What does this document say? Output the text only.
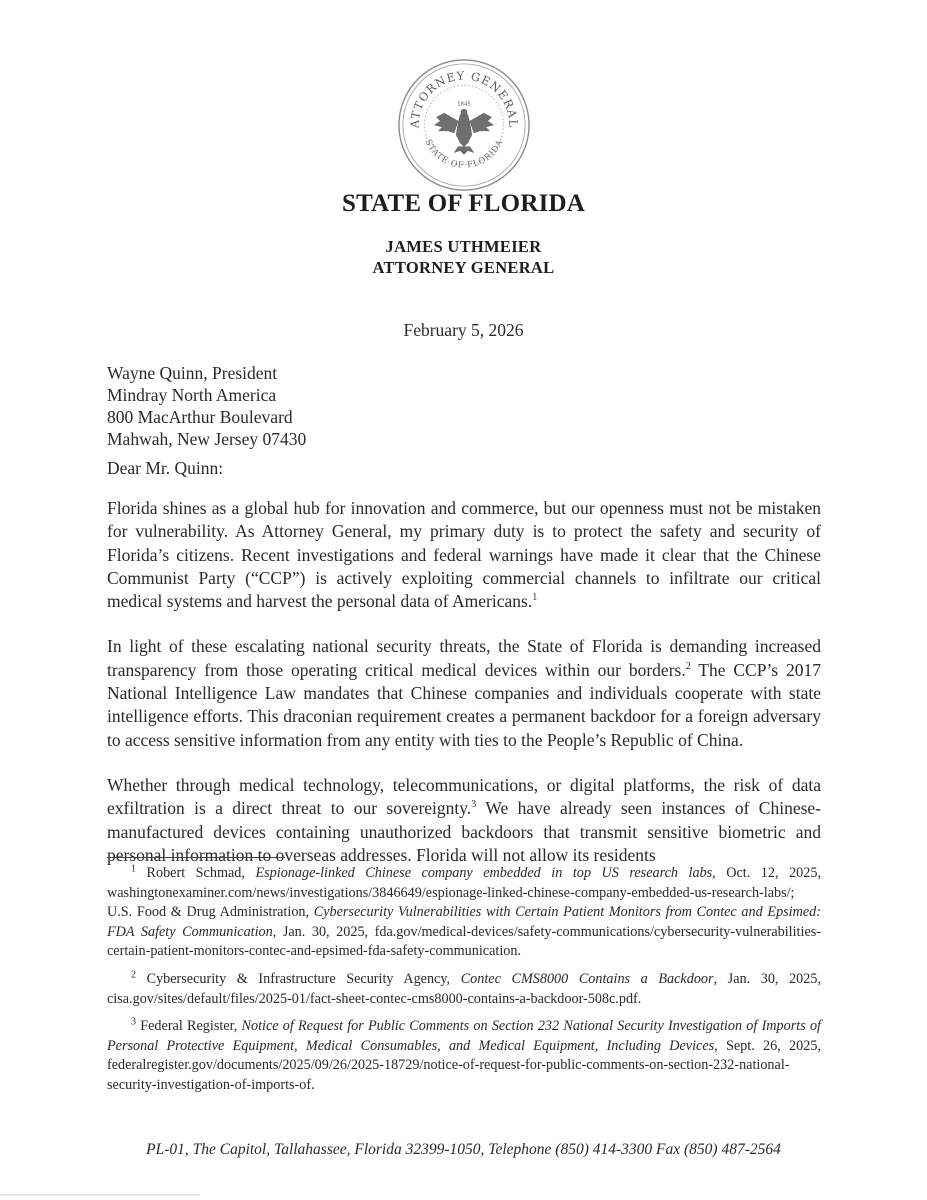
ATTORNEY GENERAL
STATE OF FLORIDA
1845
STATE OF FLORIDA
JAMES UTHMEIER
ATTORNEY GENERAL
February 5, 2026
Wayne Quinn, President
Mindray North America
800 MacArthur Boulevard
Mahwah, New Jersey 07430
Dear Mr. Quinn:

Florida shines as a global hub for innovation and commerce, but our openness must not be mistaken for vulnerability. As Attorney General, my primary duty is to protect the safety and security of Florida’s citizens. Recent investigations and federal warnings have made it clear that the Chinese Communist Party (“CCP”) is actively exploiting commercial channels to infiltrate our critical medical systems and harvest the personal data of Americans.$^1$

In light of these escalating national security threats, the State of Florida is demanding increased transparency from those operating critical medical devices within our borders.$^2$ The CCP’s 2017 National Intelligence Law mandates that Chinese companies and individuals cooperate with state intelligence efforts. This draconian requirement creates a permanent backdoor for a foreign adversary to access sensitive information from any entity with ties to the People’s Republic of China.

Whether through medical technology, telecommunications, or digital platforms, the risk of data exfiltration is a direct threat to our sovereignty.$^3$ We have already seen instances of Chinese-manufactured devices containing unauthorized backdoors that transmit sensitive biometric and personal information to overseas addresses. Florida will not allow its residents

$^1$ Robert Schmad, Espionage-linked Chinese company embedded in top US research labs, Oct. 12, 2025, washingtonexaminer.com/news/investigations/3846649/espionage-linked-chinese-company-embedded-us-research-labs/; U.S. Food & Drug Administration, Cybersecurity Vulnerabilities with Certain Patient Monitors from Contec and Epsimed: FDA Safety Communication, Jan. 30, 2025, fda.gov/medical-devices/safety-communications/cybersecurity-vulnerabilities-certain-patient-monitors-contec-and-epsimed-fda-safety-communication.

$^2$ Cybersecurity & Infrastructure Security Agency, Contec CMS8000 Contains a Backdoor, Jan. 30, 2025, cisa.gov/sites/default/files/2025-01/fact-sheet-contec-cms8000-contains-a-backdoor-508c.pdf.

$^3$ Federal Register, Notice of Request for Public Comments on Section 232 National Security Investigation of Imports of Personal Protective Equipment, Medical Consumables, and Medical Equipment, Including Devices, Sept. 26, 2025, federalregister.gov/documents/2025/09/26/2025-18729/notice-of-request-for-public-comments-on-section-232-national-security-investigation-of-imports-of.

PL-01, The Capitol, Tallahassee, Florida 32399-1050, Telephone (850) 414-3300 Fax (850) 487-2564
